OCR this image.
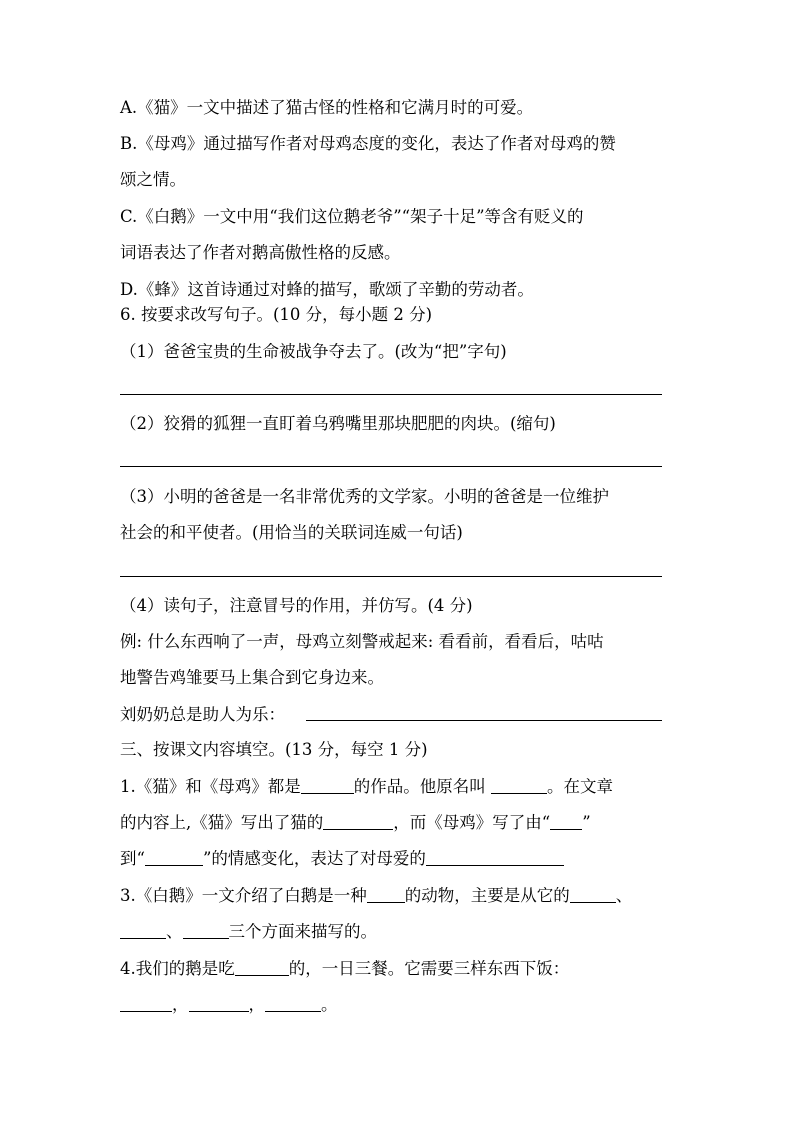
A.《猫》一文中描述了猫古怪的性格和它满月时的可爱。
B.《母鸡》通过描写作者对母鸡态度的变化，表达了作者对母鸡的赞
颂之情。
C.《白鹅》一文中用“我们这位鹅老爷”“架子十足”等含有贬义的
词语表达了作者对鹅高傲性格的反感。
D.《蜂》这首诗通过对蜂的描写，歌颂了辛勤的劳动者。
6. 按要求改写句子。(10 分，每小题 2 分)
（1）爸爸宝贵的生命被战争夺去了。(改为“把”字句)
（2）狡猾的狐狸一直盯着乌鸦嘴里那块肥肥的肉块。(缩句)
（3）小明的爸爸是一名非常优秀的文学家。小明的爸爸是一位维护
社会的和平使者。(用恰当的关联词连威一句话)
（4）读句子，注意冒号的作用，并仿写。(4 分)
例: 什么东西响了一声，母鸡立刻警戒起来: 看看前，看看后，咕咕
地警告鸡雏要马上集合到它身边来。
刘奶奶总是助人为乐：
三、按课文内容填空。(13 分，每空 1 分)
1.《猫》和《母鸡》都是	的作品。他原名叫	。在文章
的内容上,《猫》写出了猫的	，而《母鸡》写了由“ ”
到“	”的情感变化，表达了对母爱的
3.《白鹅》一文介绍了白鹅是一种 的动物，主要是从它的	、
、	三个方面来描写的。
4.我们的鹅是吃	的，一日三餐。它需要三样东西下饭：
，	，	。
